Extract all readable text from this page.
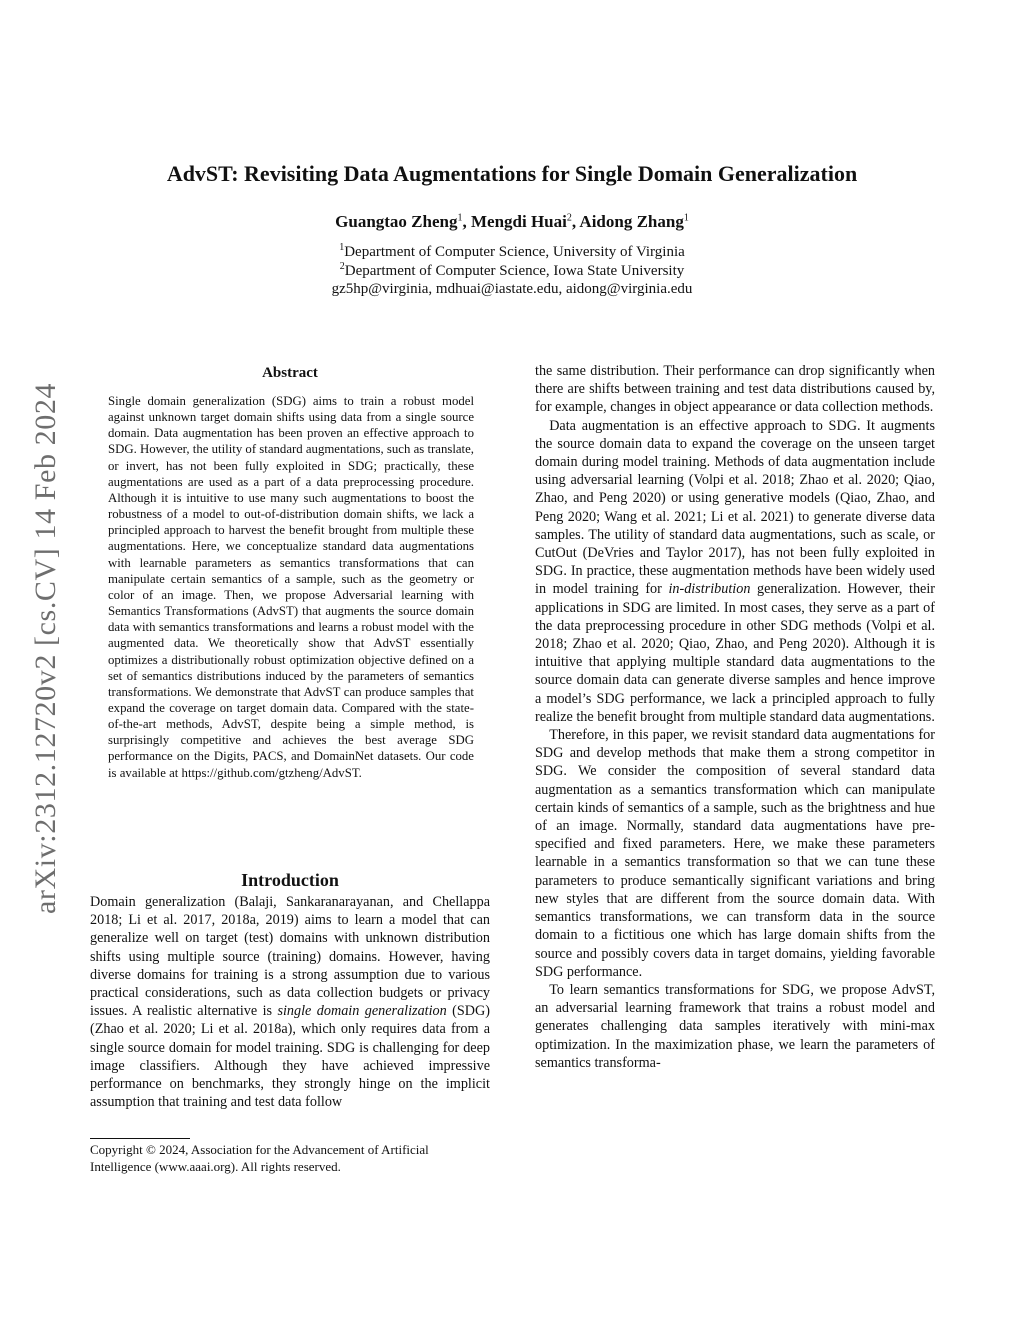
arXiv:2312.12720v2 [cs.CV] 14 Feb 2024
AdvST: Revisiting Data Augmentations for Single Domain Generalization
Guangtao Zheng$^1$, Mengdi Huai$^2$, Aidong Zhang$^1$
$^1$Department of Computer Science, University of Virginia
$^2$Department of Computer Science, Iowa State University
gz5hp@virginia, mdhuai@iastate.edu, aidong@virginia.edu
Abstract

Single domain generalization (SDG) aims to train a robust model against unknown target domain shifts using data from a single source domain. Data augmentation has been proven an effective approach to SDG. However, the utility of standard augmentations, such as translate, or invert, has not been fully exploited in SDG; practically, these augmentations are used as a part of a data preprocessing procedure. Although it is intuitive to use many such augmentations to boost the robustness of a model to out-of-distribution domain shifts, we lack a principled approach to harvest the benefit brought from multiple these augmentations. Here, we conceptualize standard data augmentations with learnable parameters as semantics transformations that can manipulate certain semantics of a sample, such as the geometry or color of an image. Then, we propose Adversarial learning with Semantics Transformations (AdvST) that augments the source domain data with semantics transformations and learns a robust model with the augmented data. We theoretically show that AdvST essentially optimizes a distributionally robust optimization objective defined on a set of semantics distributions induced by the parameters of semantics transformations. We demonstrate that AdvST can produce samples that expand the coverage on target domain data. Compared with the state-of-the-art methods, AdvST, despite being a simple method, is surprisingly competitive and achieves the best average SDG performance on the Digits, PACS, and DomainNet datasets. Our code is available at https://github.com/gtzheng/AdvST.

Introduction

Domain generalization (Balaji, Sankaranarayanan, and Chellappa 2018; Li et al. 2017, 2018a, 2019) aims to learn a model that can generalize well on target (test) domains with unknown distribution shifts using multiple source (training) domains. However, having diverse domains for training is a strong assumption due to various practical considerations, such as data collection budgets or privacy issues. A realistic alternative is single domain generalization (SDG) (Zhao et al. 2020; Li et al. 2018a), which only requires data from a single source domain for model training. SDG is challenging for deep image classifiers. Although they have achieved impressive performance on benchmarks, they strongly hinge on the implicit assumption that training and test data follow

Copyright © 2024, Association for the Advancement of Artificial Intelligence (www.aaai.org). All rights reserved.

the same distribution. Their performance can drop significantly when there are shifts between training and test data distributions caused by, for example, changes in object appearance or data collection methods.

Data augmentation is an effective approach to SDG. It augments the source domain data to expand the coverage on the unseen target domain during model training. Methods of data augmentation include using adversarial learning (Volpi et al. 2018; Zhao et al. 2020; Qiao, Zhao, and Peng 2020) or using generative models (Qiao, Zhao, and Peng 2020; Wang et al. 2021; Li et al. 2021) to generate diverse data samples. The utility of standard data augmentations, such as scale, or CutOut (DeVries and Taylor 2017), has not been fully exploited in SDG. In practice, these augmentation methods have been widely used in model training for in-distribution generalization. However, their applications in SDG are limited. In most cases, they serve as a part of the data preprocessing procedure in other SDG methods (Volpi et al. 2018; Zhao et al. 2020; Qiao, Zhao, and Peng 2020). Although it is intuitive that applying multiple standard data augmentations to the source domain data can generate diverse samples and hence improve a model’s SDG performance, we lack a principled approach to fully realize the benefit brought from multiple standard data augmentations.

Therefore, in this paper, we revisit standard data augmentations for SDG and develop methods that make them a strong competitor in SDG. We consider the composition of several standard data augmentation as a semantics transformation which can manipulate certain kinds of semantics of a sample, such as the brightness and hue of an image. Normally, standard data augmentations have pre-specified and fixed parameters. Here, we make these parameters learnable in a semantics transformation so that we can tune these parameters to produce semantically significant variations and bring new styles that are different from the source domain data. With semantics transformations, we can transform data in the source domain to a fictitious one which has large domain shifts from the source and possibly covers data in target domains, yielding favorable SDG performance.

To learn semantics transformations for SDG, we propose AdvST, an adversarial learning framework that trains a robust model and generates challenging data samples iteratively with mini-max optimization. In the maximization phase, we learn the parameters of semantics transforma-
